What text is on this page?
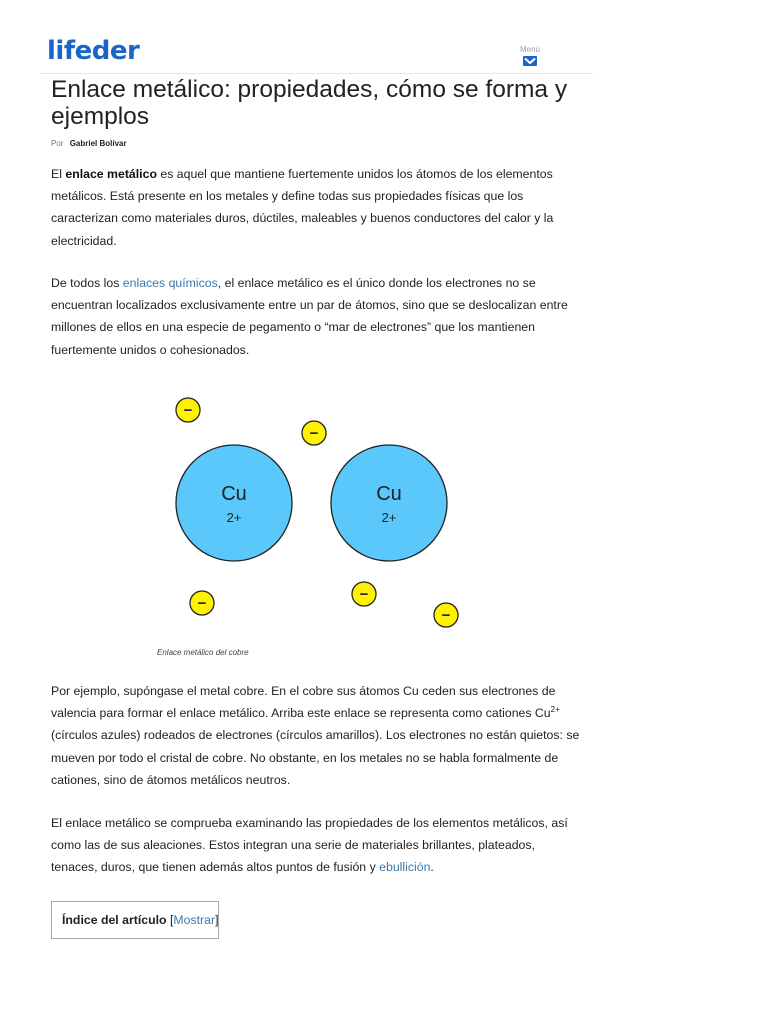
lifeder	Menú
Enlace metálico: propiedades, cómo se forma y ejemplos
Por Gabriel Bolívar

El enlace metálico es aquel que mantiene fuertemente unidos los átomos de los elementos metálicos. Está presente en los metales y define todas sus propiedades físicas que los caracterizan como materiales duros, dúctiles, maleables y buenos conductores del calor y la electricidad.

De todos los enlaces químicos, el enlace metálico es el único donde los electrones no se encuentran localizados exclusivamente entre un par de átomos, sino que se deslocalizan entre millones de ellos en una especie de pegamento o “mar de electrones” que los mantienen fuertemente unidos o cohesionados.

−
−
Cu
2+
Cu
2+
−
−
−
Enlace metálico del cobre

Por ejemplo, supóngase el metal cobre. En el cobre sus átomos Cu ceden sus electrones de valencia para formar el enlace metálico. Arriba este enlace se representa como cationes $Cu^{2+}$ (círculos azules) rodeados de electrones (círculos amarillos). Los electrones no están quietos: se mueven por todo el cristal de cobre. No obstante, en los metales no se habla formalmente de cationes, sino de átomos metálicos neutros.

El enlace metálico se comprueba examinando las propiedades de los elementos metálicos, así como las de sus aleaciones. Estos integran una serie de materiales brillantes, plateados, tenaces, duros, que tienen además altos puntos de fusión y ebullición.

Índice del artículo [Mostrar]
